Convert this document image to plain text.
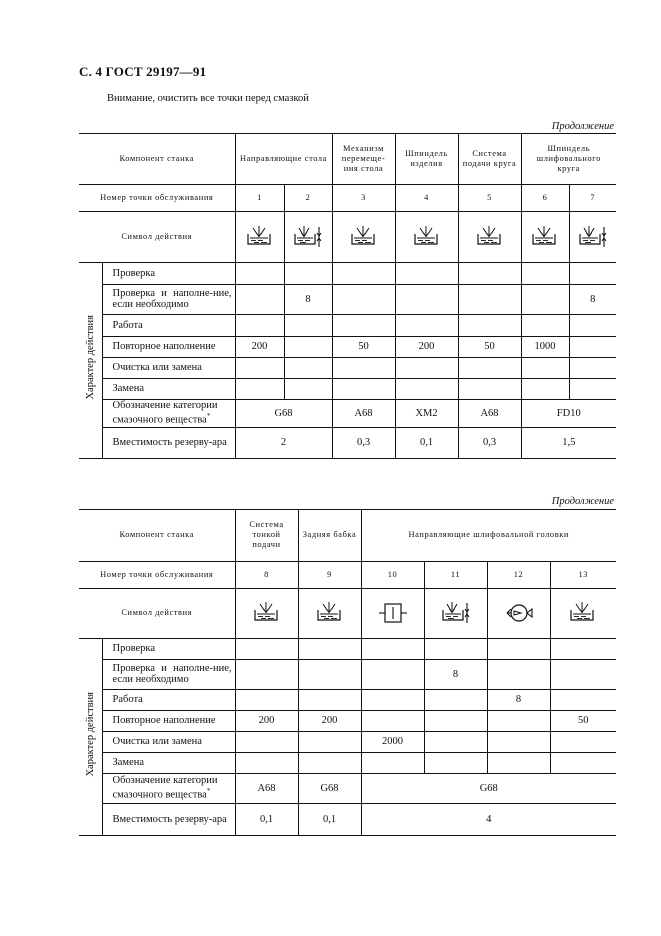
С. 4 ГОСТ 29197—91
Внимание, очистить все точки перед смазкой
Продолжение
Компонент станка		Направляющие стола		Механизм перемеще-ния стола	Шпиндель изделия	Система подачи круга	Шпиндель шлифовального круга	
Номер точки обслуживания		1	2	3	4	5	6	7
Символ действия							
Характер действия	Проверка							
	Проверка и наполне-ние, если необходимо		8					8
	Работа							
	Повторное наполнение	200		50	200	50	1000	
	Очистка или замена							
	Замена							
	Обозначение категории смазочного вещества*	G68		A68	XM2	A68	FD10	
	Вместимость резерву-ара	2		0,3	0,1	0,3	1,5	
Продолжение
Компонент станка		Система тонкой подачи	Задняя бабка	Направляющие шлифовальной головки			
Номер точки обслуживания		8	9	10	11	12	13
Символ действия						
Характер действия	Проверка						
	Проверка и наполне-ние, если необходимо				8		
	Работа					8	
	Повторное наполнение	200	200				50
	Очистка или замена			2000			
	Замена						
	Обозначение категории смазочного вещества*	A68	G68	G68			
	Вместимость резерву-ара	0,1	0,1	4			
